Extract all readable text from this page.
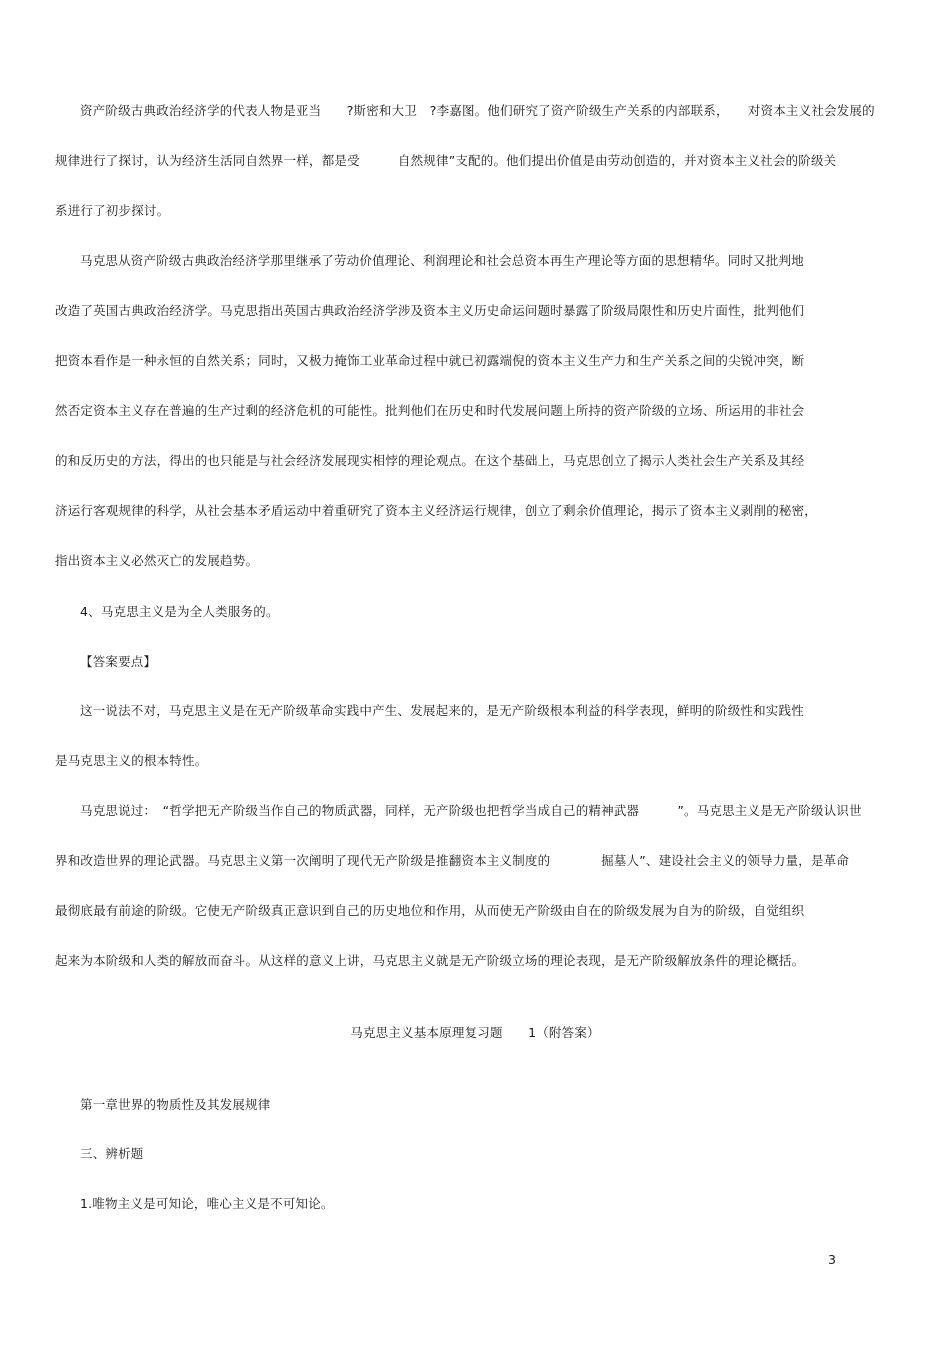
资产阶级古典政治经济学的代表人物是亚当　　?斯密和大卫　?李嘉图。他们研究了资产阶级生产关系的内部联系，　　对资本主义社会发展的
规律进行了探讨，认为经济生活同自然界一样，都是受　　　自然规律”支配的。他们提出价值是由劳动创造的，并对资本主义社会的阶级关
系进行了初步探讨。
马克思从资产阶级古典政治经济学那里继承了劳动价值理论、利润理论和社会总资本再生产理论等方面的思想精华。同时又批判地
改造了英国古典政治经济学。马克思指出英国古典政治经济学涉及资本主义历史命运问题时暴露了阶级局限性和历史片面性，批判他们
把资本看作是一种永恒的自然关系；同时，又极力掩饰工业革命过程中就已初露端倪的资本主义生产力和生产关系之间的尖锐冲突，断
然否定资本主义存在普遍的生产过剩的经济危机的可能性。批判他们在历史和时代发展问题上所持的资产阶级的立场、所运用的非社会
的和反历史的方法，得出的也只能是与社会经济发展现实相悖的理论观点。在这个基础上，马克思创立了揭示人类社会生产关系及其经
济运行客观规律的科学，从社会基本矛盾运动中着重研究了资本主义经济运行规律，创立了剩余价值理论，揭示了资本主义剥削的秘密，
指出资本主义必然灭亡的发展趋势。
4、马克思主义是为全人类服务的。
【答案要点】
这一说法不对，马克思主义是在无产阶级革命实践中产生、发展起来的，是无产阶级根本利益的科学表现，鲜明的阶级性和实践性
是马克思主义的根本特性。
马克思说过：　“哲学把无产阶级当作自己的物质武器，同样，无产阶级也把哲学当成自己的精神武器　　　”。马克思主义是无产阶级认识世
界和改造世界的理论武器。马克思主义第一次阐明了现代无产阶级是推翻资本主义制度的　　　　掘墓人”、建设社会主义的领导力量，是革命
最彻底最有前途的阶级。它使无产阶级真正意识到自己的历史地位和作用，从而使无产阶级由自在的阶级发展为自为的阶级，自觉组织
起来为本阶级和人类的解放而奋斗。从这样的意义上讲，马克思主义就是无产阶级立场的理论表现，是无产阶级解放条件的理论概括。
马克思主义基本原理复习题　　1（附答案）
第一章世界的物质性及其发展规律
三、辨析题
1.唯物主义是可知论，唯心主义是不可知论。
3
